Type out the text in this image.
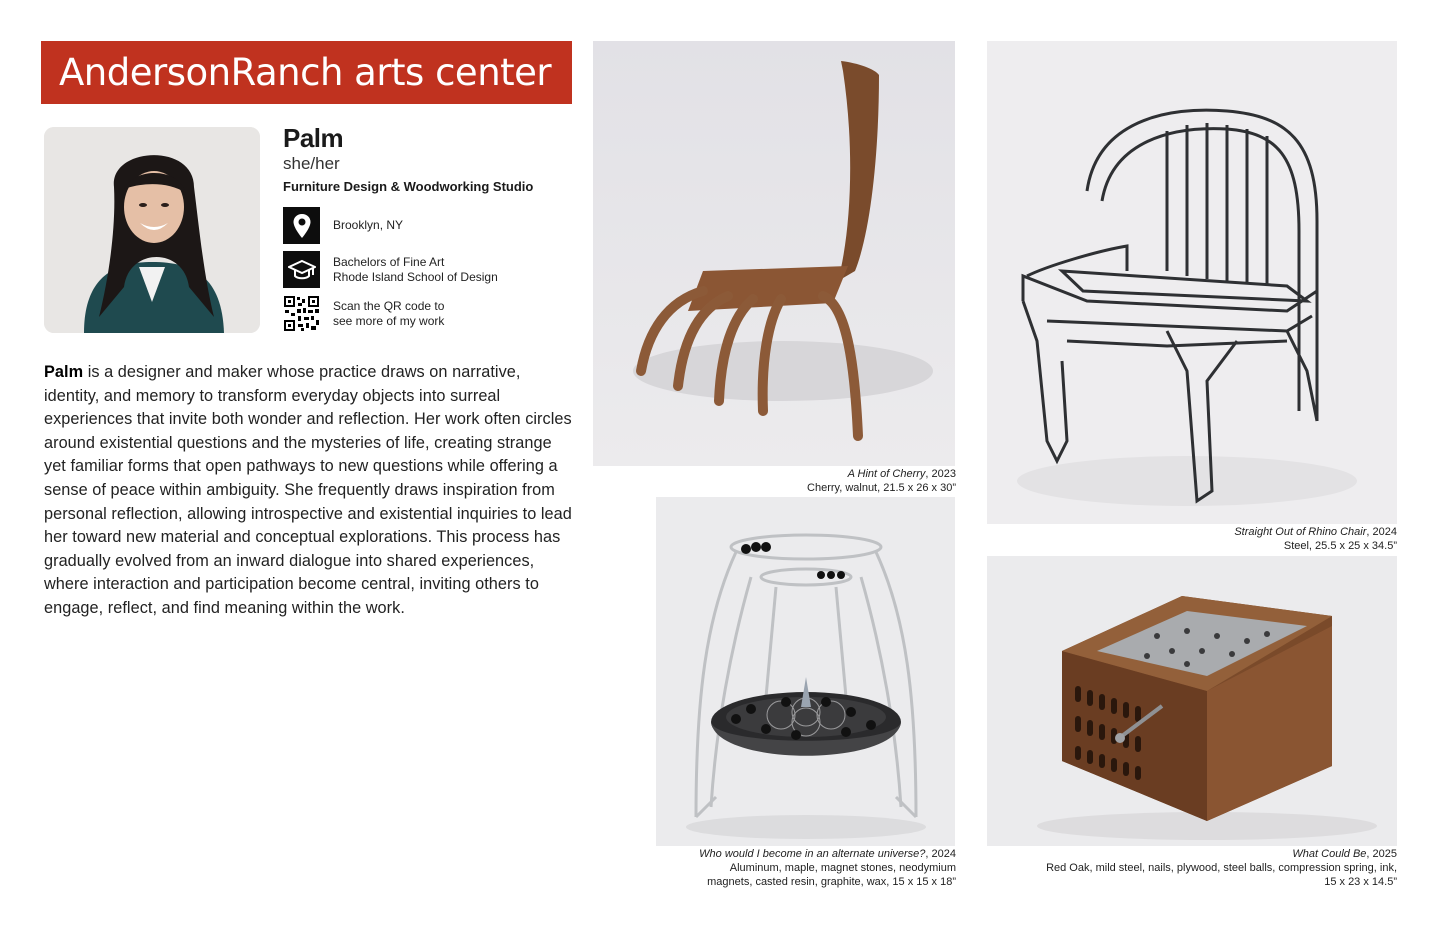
AndersonRanch arts center
Palm
she/her
Furniture Design & Woodworking Studio
Brooklyn, NY
Bachelors of Fine Art
Rhode Island School of Design
Scan the QR code to
see more of my work

Palm is a designer and maker whose practice draws on narrative, identity, and memory to transform everyday objects into surreal experiences that invite both wonder and reflection. Her work often circles around existential questions and the mysteries of life, creating strange yet familiar forms that open pathways to new questions while offering a sense of peace within ambiguity. She frequently draws inspiration from personal reflection, allowing introspective and existential inquiries to lead her toward new material and conceptual explorations. This process has gradually evolved from an inward dialogue into shared experiences, where interaction and participation become central, inviting others to engage, reflect, and find meaning within the work.

A Hint of Cherry, 2023
Cherry, walnut, 21.5 x 26 x 30”
Straight Out of Rhino Chair, 2024
Steel, 25.5 x 25 x 34.5”
Who would I become in an alternate universe?, 2024
Aluminum, maple, magnet stones, neodymium
magnets, casted resin, graphite, wax, 15 x 15 x 18”
What Could Be, 2025
Red Oak, mild steel, nails, plywood, steel balls, compression spring, ink,
15 x 23 x 14.5”
